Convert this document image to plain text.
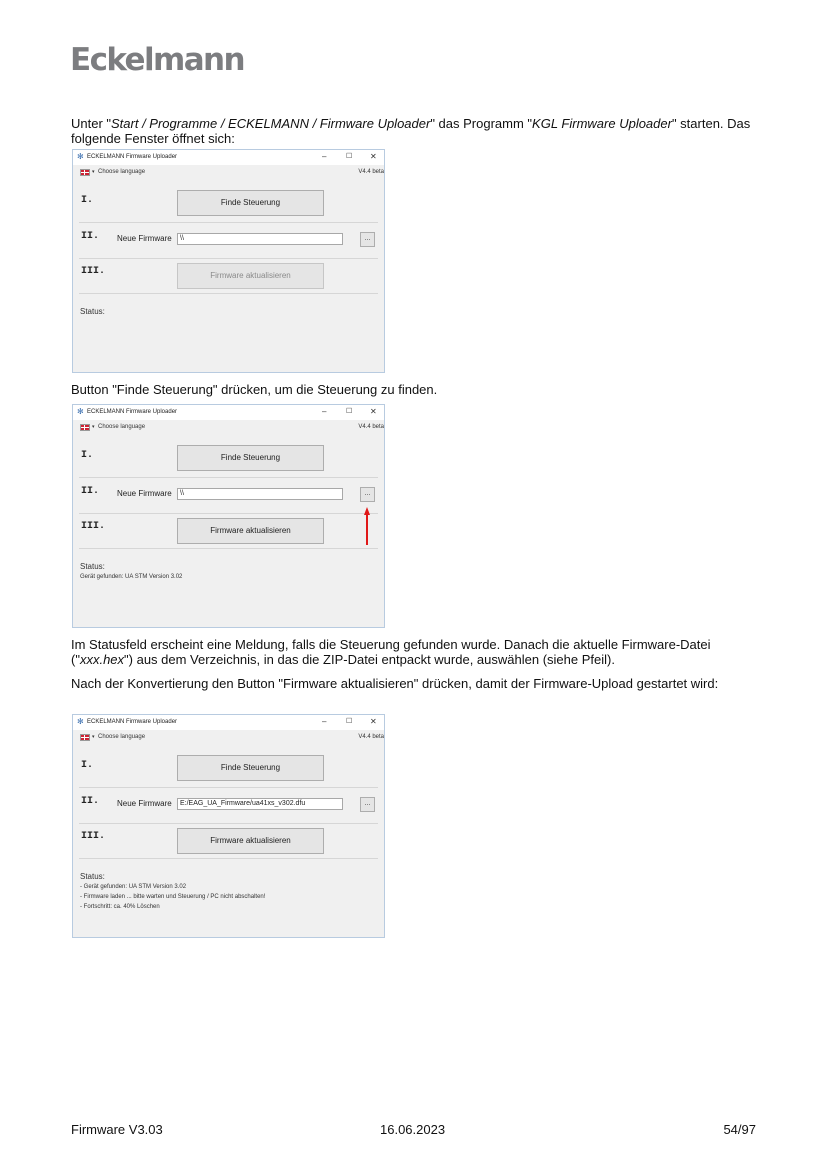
Eckelmann

Unter "Start / Programme / ECKELMANN / Firmware Uploader" das Programm "KGL Firmware Uploader" starten. Das folgende Fenster öffnet sich:

✻ ECKELMANN Firmware Uploader	–	☐ ✕
▾ Choose language	V4.4 beta
I.	Finde Steuerung
II. Neue Firmware	\\	...
III.	Firmware aktualisieren
Status:

Button "Finde Steuerung" drücken, um die Steuerung zu finden.

✻ ECKELMANN Firmware Uploader	–	☐ ✕
▾ Choose language	V4.4 beta
I.	Finde Steuerung
II. Neue Firmware	\\	...
III.	Firmware aktualisieren
Status:
Gerät gefunden: UA STM Version 3.02

Im Statusfeld erscheint eine Meldung, falls die Steuerung gefunden wurde. Danach die aktuelle Firmware-Datei ("xxx.hex") aus dem Verzeichnis, in das die ZIP-Datei entpackt wurde, auswählen (siehe Pfeil).

Nach der Konvertierung den Button "Firmware aktualisieren" drücken, damit der Firmware-Upload gestartet wird:

✻ ECKELMANN Firmware Uploader	–	☐ ✕
▾ Choose language	V4.4 beta
I.	Finde Steuerung
II. Neue Firmware	E:/EAG_UA_Firmware/ua41xs_v302.dfu	...
III.	Firmware aktualisieren
Status:
- Gerät gefunden: UA STM Version 3.02
- Firmware laden ... bitte warten und Steuerung / PC nicht abschalten!
- Fortschritt: ca. 40% Löschen
Firmware V3.03	16.06.2023	54/97
